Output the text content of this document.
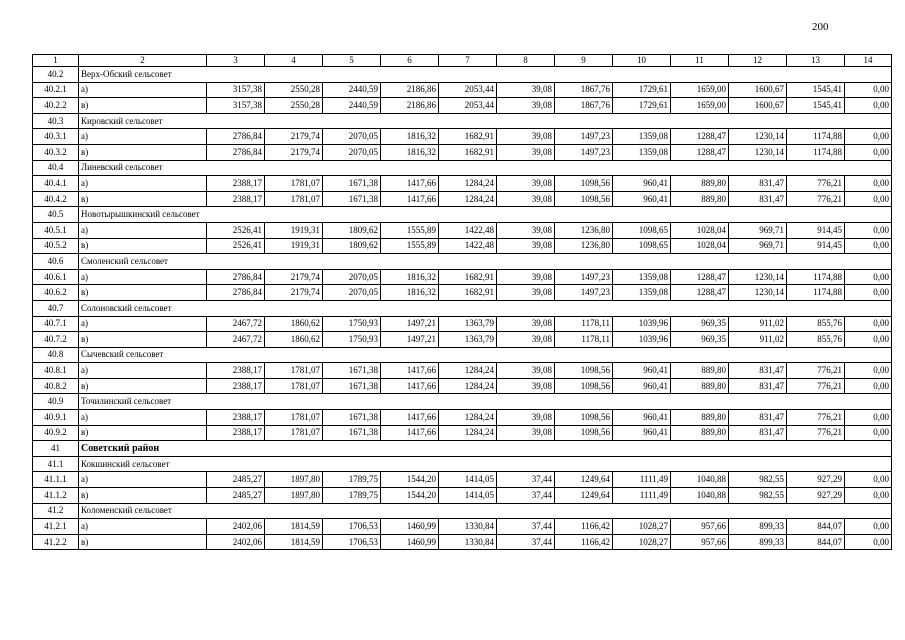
200
1	2	3	4	5	6	7	8	9	10	11	12	13	14
40.2	Верх-Обский сельсовет												
40.2.1	а)	3157,38	2550,28	2440,59	2186,86	2053,44	39,08	1867,76	1729,61	1659,00	1600,67	1545,41	0,00
40.2.2	в)	3157,38	2550,28	2440,59	2186,86	2053,44	39,08	1867,76	1729,61	1659,00	1600,67	1545,41	0,00
40.3	Кировский сельсовет												
40.3.1	а)	2786,84	2179,74	2070,05	1816,32	1682,91	39,08	1497,23	1359,08	1288,47	1230,14	1174,88	0,00
40.3.2	в)	2786,84	2179,74	2070,05	1816,32	1682,91	39,08	1497,23	1359,08	1288,47	1230,14	1174,88	0,00
40.4	Линевский сельсовет												
40.4.1	а)	2388,17	1781,07	1671,38	1417,66	1284,24	39,08	1098,56	960,41	889,80	831,47	776,21	0,00
40.4.2	в)	2388,17	1781,07	1671,38	1417,66	1284,24	39,08	1098,56	960,41	889,80	831,47	776,21	0,00
40.5	Новотырышкинский сельсовет												
40.5.1	а)	2526,41	1919,31	1809,62	1555,89	1422,48	39,08	1236,80	1098,65	1028,04	969,71	914,45	0,00
40.5.2	в)	2526,41	1919,31	1809,62	1555,89	1422,48	39,08	1236,80	1098,65	1028,04	969,71	914,45	0,00
40.6	Смоленский сельсовет												
40.6.1	а)	2786,84	2179,74	2070,05	1816,32	1682,91	39,08	1497,23	1359,08	1288,47	1230,14	1174,88	0,00
40.6.2	в)	2786,84	2179,74	2070,05	1816,32	1682,91	39,08	1497,23	1359,08	1288,47	1230,14	1174,88	0,00
40.7	Солоновский сельсовет												
40.7.1	а)	2467,72	1860,62	1750,93	1497,21	1363,79	39,08	1178,11	1039,96	969,35	911,02	855,76	0,00
40.7.2	в)	2467,72	1860,62	1750,93	1497,21	1363,79	39,08	1178,11	1039,96	969,35	911,02	855,76	0,00
40.8	Сычевский сельсовет												
40.8.1	а)	2388,17	1781,07	1671,38	1417,66	1284,24	39,08	1098,56	960,41	889,80	831,47	776,21	0,00
40.8.2	в)	2388,17	1781,07	1671,38	1417,66	1284,24	39,08	1098,56	960,41	889,80	831,47	776,21	0,00
40.9	Точилинский сельсовет												
40.9.1	а)	2388,17	1781,07	1671,38	1417,66	1284,24	39,08	1098,56	960,41	889,80	831,47	776,21	0,00
40.9.2	в)	2388,17	1781,07	1671,38	1417,66	1284,24	39,08	1098,56	960,41	889,80	831,47	776,21	0,00
41	Советский район												
41.1	Кокшинский сельсовет												
41.1.1	а)	2485,27	1897,80	1789,75	1544,20	1414,05	37,44	1249,64	1111,49	1040,88	982,55	927,29	0,00
41.1.2	в)	2485,27	1897,80	1789,75	1544,20	1414,05	37,44	1249,64	1111,49	1040,88	982,55	927,29	0,00
41.2	Коломенский сельсовет												
41.2.1	а)	2402,06	1814,59	1706,53	1460,99	1330,84	37,44	1166,42	1028,27	957,66	899,33	844,07	0,00
41.2.2	в)	2402,06	1814,59	1706,53	1460,99	1330,84	37,44	1166,42	1028,27	957,66	899,33	844,07	0,00
